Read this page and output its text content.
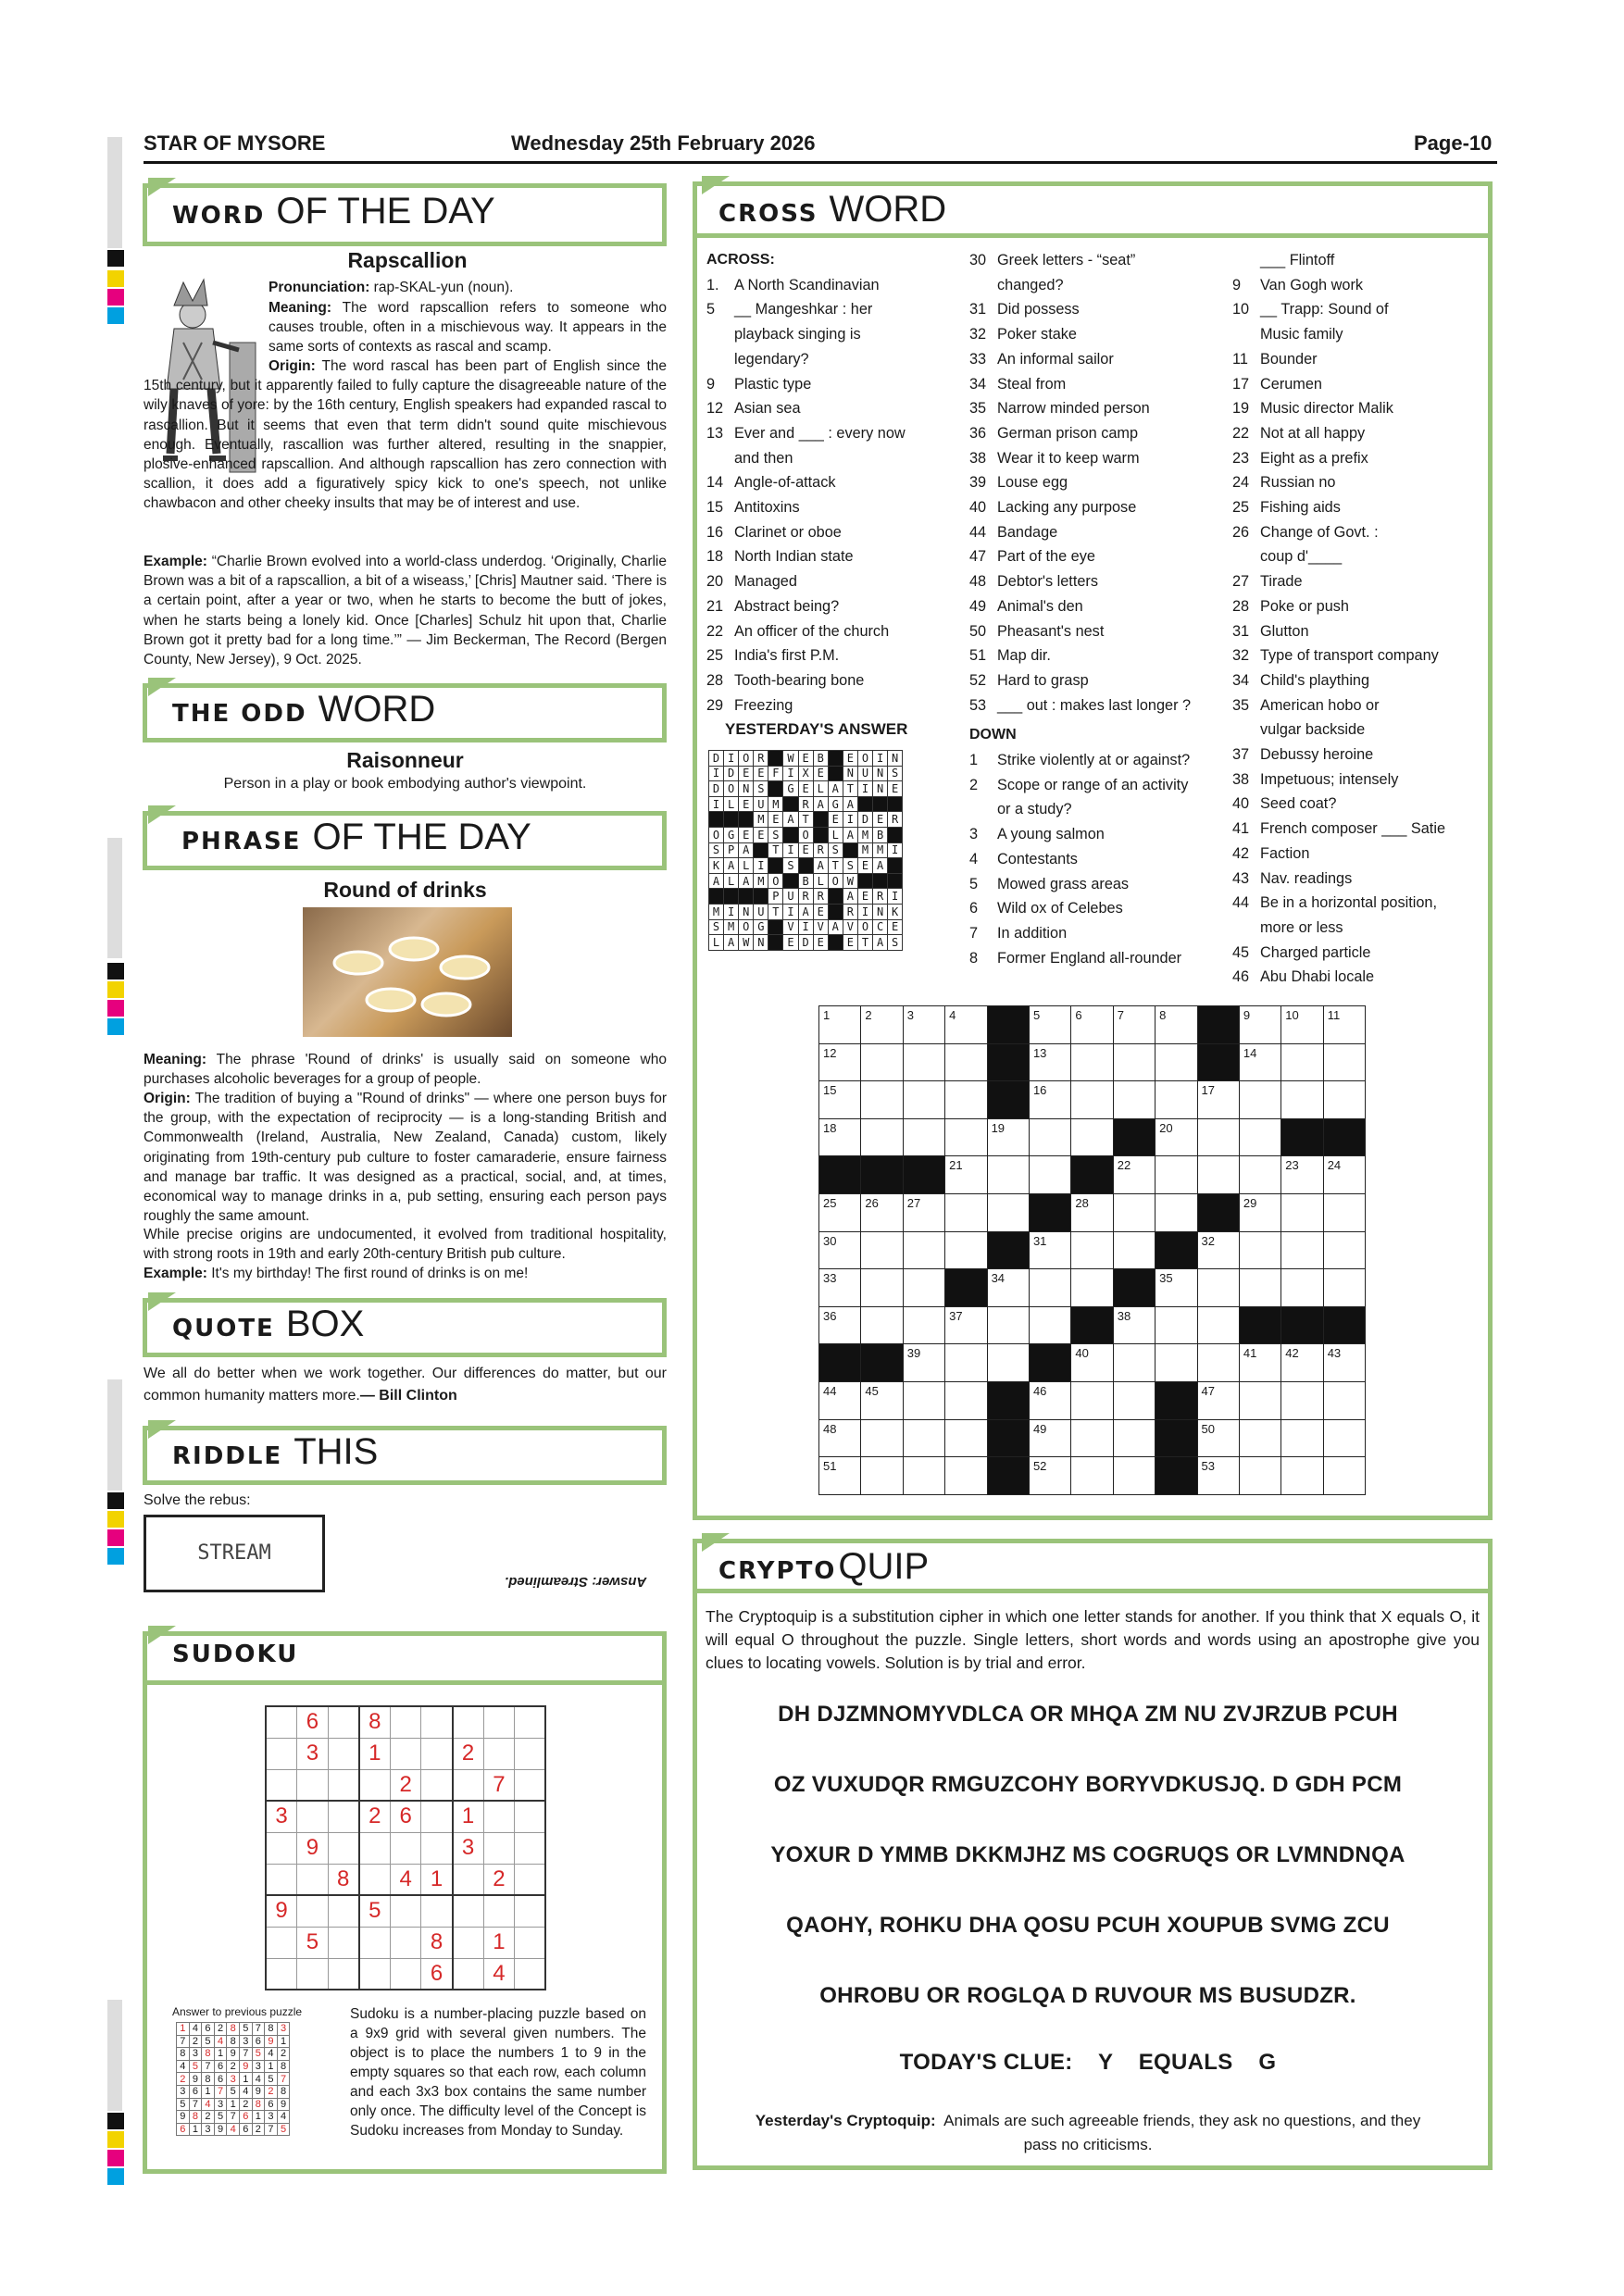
STAR OF MYSORE	Wednesday 25th February 2026	Page-10
WORD OF THE DAY
Rapscallion
Pronunciation: rap-SKAL-yun (noun).
Meaning: The word rapscallion refers to someone who causes trouble, often in a mischievous way. It appears in the same sorts of contexts as rascal and scamp.
Origin: The word rascal has been part of English since the 15th century, but it apparently failed to fully capture the disagreeable nature of the wily knaves of yore: by the 16th century, English speakers had expanded rascal to rascallion. But it seems that even that term didn't sound quite mischievous enough. Eventually, rascallion was further altered, resulting in the snappier, plosive-enhanced rapscallion. And although rapscallion has zero connection with scallion, it does add a figuratively spicy kick to one's speech, not unlike chawbacon and other cheeky insults that may be of interest and use.
Example: “Charlie Brown evolved into a world-class underdog. ‘Originally, Charlie Brown was a bit of a rapscallion, a bit of a wiseass,’ [Chris] Mautner said. ‘There is a certain point, after a year or two, when he starts to become the butt of jokes, when he starts being a lonely kid. Once [Charles] Schulz hit upon that, Charlie Brown got it pretty bad for a long time.’” — Jim Beckerman, The Record (Bergen County, New Jersey), 9 Oct. 2025.
THE ODD WORD
Raisonneur
Person in a play or book embodying author's viewpoint.
PHRASE OF THE DAY
Round of drinks
Meaning: The phrase 'Round of drinks' is usually said on someone who purchases alcoholic beverages for a group of people.
Origin: The tradition of buying a "Round of drinks" — where one person buys for the group, with the expectation of reciprocity — is a long-standing British and Commonwealth (Ireland, Australia, New Zealand, Canada) custom, likely originating from 19th-century pub culture to foster camaraderie, ensure fairness and manage bar traffic. It was designed as a practical, social, and, at times, economical way to manage drinks in a, pub setting, ensuring each person pays roughly the same amount.
While precise origins are undocumented, it evolved from traditional hospitality, with strong roots in 19th and early 20th-century British pub culture.
Example: It's my birthday! The first round of drinks is on me!
QUOTE BOX
We all do better when we work together. Our differences do matter, but our common humanity matters more.— Bill Clinton
RIDDLE THIS
Solve the rebus:
STREAM
Answer: Streamlined.
SUDOKU
	6		8					
	3		1			2		
				2			7	
3			2	6		1		
	9					3		
		8		4	1		2	
9			5					
	5				8		1	
					6		4	
Answer to previous puzzle
1	4	6	2	8	5	7	8	3
7	2	5	4	8	3	6	9	1
8	3	8	1	9	7	5	4	2
4	5	7	6	2	9	3	1	8
2	9	8	6	3	1	4	5	7
3	6	1	7	5	4	9	2	8
5	7	4	3	1	2	8	6	9
9	8	2	5	7	6	1	3	4
6	1	3	9	4	6	2	7	5
Sudoku is a number-placing puzzle based on a 9x9 grid with several given numbers. The object is to place the numbers 1 to 9 in the empty squares so that each row, each column and each 3x3 box contains the same number only once. The difficulty level of the Concept is Sudoku increases from Monday to Sunday.
CROSS WORD
ACROSS:

1.	A North Scandinavian

5	__ Mangeshkar : her

playback singing is

legendary?

9	Plastic type

12 Asian sea

13 Ever and ___ : every now

and then

14 Angle-of-attack

15 Antitoxins

16 Clarinet or oboe

18 North Indian state

20 Managed

21 Abstract being?

22 An officer of the church

25 India's first P.M.

28 Tooth-bearing bone

29 Freezing

YESTERDAY'S ANSWER
D	I	O	R		W	E	B		E	O	I	N
I	D	E	E	F	I	X	E		N	U	N	S
D	O	N	S		G	E	L	A	T	I	N	E
I	L	E	U	M		R	A	G	A			
			M	E	A	T		E	I	D	E	R
O	G	E	E	S		O		L	A	M	B	
S	P	A		T	I	E	R	S		M	M	I
K	A	L	I		S		A	T	S	E	A	
A	L	A	M	O		B	L	O	W			
				P	U	R	R		A	E	R	I
M	I	N	U	T	I	A	E		R	I	N	K
S	M	O	G		V	I	V	A	V	O	C	E
L	A	W	N		E	D	E		E	T	A	S

30 Greek letters - “seat”

changed?

31 Did possess

32 Poker stake

33 An informal sailor

34 Steal from

35 Narrow minded person

36 German prison camp

38 Wear it to keep warm

39 Louse egg

40 Lacking any purpose

44 Bandage

47 Part of the eye

48 Debtor's letters

49 Animal's den

50 Pheasant's nest

51 Map dir.

52 Hard to grasp

53 ___ out : makes last longer ?

DOWN

1	Strike violently at or against?

2	Scope or range of an activity

or a study?

3	A young salmon

4	Contestants

5	Mowed grass areas

6	Wild ox of Celebes

7	In addition

8	Former England all-rounder

___ Flintoff

9	Van Gogh work

10 __ Trapp: Sound of

Music family

11 Bounder

17 Cerumen

19 Music director Malik

22 Not at all happy

23 Eight as a prefix

24 Russian no

25 Fishing aids

26 Change of Govt. :

coup d'____

27 Tirade

28 Poke or push

31 Glutton

32 Type of transport company

34 Child's plaything

35 American hobo or

vulgar backside

37 Debussy heroine

38 Impetuous; intensely

40 Seed coat?

41 French composer ___ Satie

42 Faction

43 Nav. readings

44 Be in a horizontal position,

more or less

45 Charged particle

46 Abu Dhabi locale

1	2	3	4		5	6	7	8		9	10	11
12					13					14		
15					16				17			
18				19				20				
			21				22				23	24
25	26	27				28				29		
30					31				32			
33				34				35				
36			37				38					
		39				40				41	42	43
44	45				46				47			
48					49				50			
51					52				53			
CRYPTO QUIP
The Cryptoquip is a substitution cipher in which one letter stands for another. If you think that X equals O, it will equal O throughout the puzzle. Single letters, short words and words using an apostrophe give you clues to locating vowels. Solution is by trial and error.
DH DJZMNOMYVDLCA OR MHQA ZM NU ZVJRZUB PCUH
OZ VUXUDQR RMGUZCOHY BORYVDKUSJQ. D GDH PCM
YOXUR D YMMB DKKMJHZ MS COGRUQS OR LVMNDNQA
QAOHY, ROHKU DHA QOSU PCUH XOUPUB SVMG ZCU
OHROBU OR ROGLQA D RUVOUR MS BUSUDZR.
TODAY'S CLUE:    Y    EQUALS    G
Yesterday's Cryptoquip: Animals are such agreeable friends, they ask no questions, and they pass no criticisms.
